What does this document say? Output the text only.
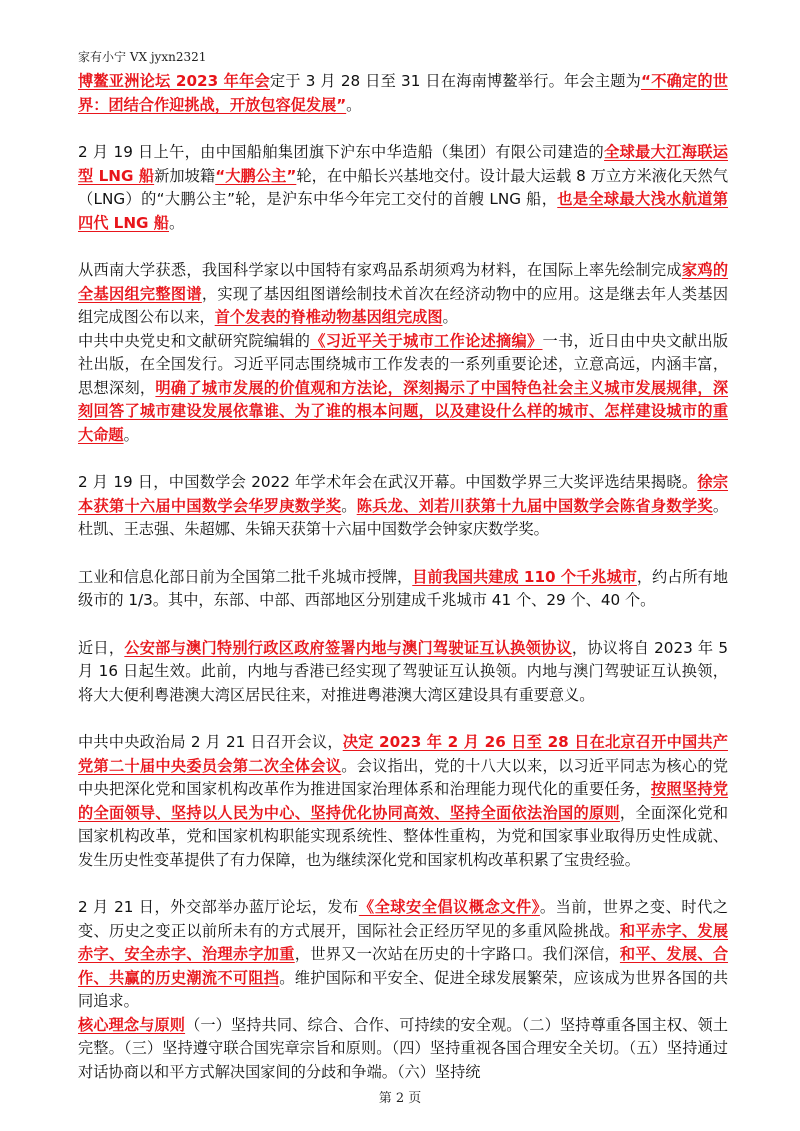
家有小宁 VX jyxn2321

博鳌亚洲论坛 2023 年年会定于 3 月 28 日至 31 日在海南博鳌举行。年会主题为“不确定的世界：团结合作迎挑战，开放包容促发展”。

2 月 19 日上午，由中国船舶集团旗下沪东中华造船（集团）有限公司建造的全球最大江海联运型 LNG 船新加坡籍“大鹏公主”轮，在中船长兴基地交付。设计最大运载 8 万立方米液化天然气（LNG）的“大鹏公主”轮，是沪东中华今年完工交付的首艘 LNG 船，也是全球最大浅水航道第四代 LNG 船。

从西南大学获悉，我国科学家以中国特有家鸡品系胡须鸡为材料，在国际上率先绘制完成家鸡的全基因组完整图谱，实现了基因组图谱绘制技术首次在经济动物中的应用。这是继去年人类基因组完成图公布以来，首个发表的脊椎动物基因组完成图。

中共中央党史和文献研究院编辑的《习近平关于城市工作论述摘编》一书，近日由中央文献出版社出版，在全国发行。习近平同志围绕城市工作发表的一系列重要论述，立意高远，内涵丰富，思想深刻，明确了城市发展的价值观和方法论，深刻揭示了中国特色社会主义城市发展规律，深刻回答了城市建设发展依靠谁、为了谁的根本问题，以及建设什么样的城市、怎样建设城市的重大命题。

2 月 19 日，中国数学会 2022 年学术年会在武汉开幕。中国数学界三大奖评选结果揭晓。徐宗本获第十六届中国数学会华罗庚数学奖。陈兵龙、刘若川获第十九届中国数学会陈省身数学奖。杜凯、王志强、朱超娜、朱锦天获第十六届中国数学会钟家庆数学奖。

工业和信息化部日前为全国第二批千兆城市授牌，目前我国共建成 110 个千兆城市，约占所有地级市的 1/3。其中，东部、中部、西部地区分别建成千兆城市 41 个、29 个、40 个。

近日，公安部与澳门特别行政区政府签署内地与澳门驾驶证互认换领协议，协议将自 2023 年 5 月 16 日起生效。此前，内地与香港已经实现了驾驶证互认换领。内地与澳门驾驶证互认换领，将大大便利粤港澳大湾区居民往来，对推进粤港澳大湾区建设具有重要意义。

中共中央政治局 2 月 21 日召开会议，决定 2023 年 2 月 26 日至 28 日在北京召开中国共产党第二十届中央委员会第二次全体会议。会议指出，党的十八大以来，以习近平同志为核心的党中央把深化党和国家机构改革作为推进国家治理体系和治理能力现代化的重要任务，按照坚持党的全面领导、坚持以人民为中心、坚持优化协同高效、坚持全面依法治国的原则，全面深化党和国家机构改革，党和国家机构职能实现系统性、整体性重构，为党和国家事业取得历史性成就、发生历史性变革提供了有力保障，也为继续深化党和国家机构改革积累了宝贵经验。

2 月 21 日，外交部举办蓝厅论坛，发布《全球安全倡议概念文件》。当前，世界之变、时代之变、历史之变正以前所未有的方式展开，国际社会正经历罕见的多重风险挑战。和平赤字、发展赤字、安全赤字、治理赤字加重，世界又一次站在历史的十字路口。我们深信，和平、发展、合作、共赢的历史潮流不可阻挡。维护国际和平安全、促进全球发展繁荣，应该成为世界各国的共同追求。

核心理念与原则（一）坚持共同、综合、合作、可持续的安全观。（二）坚持尊重各国主权、领土完整。（三）坚持遵守联合国宪章宗旨和原则。（四）坚持重视各国合理安全关切。（五）坚持通过对话协商以和平方式解决国家间的分歧和争端。（六）坚持统

第 2 页
